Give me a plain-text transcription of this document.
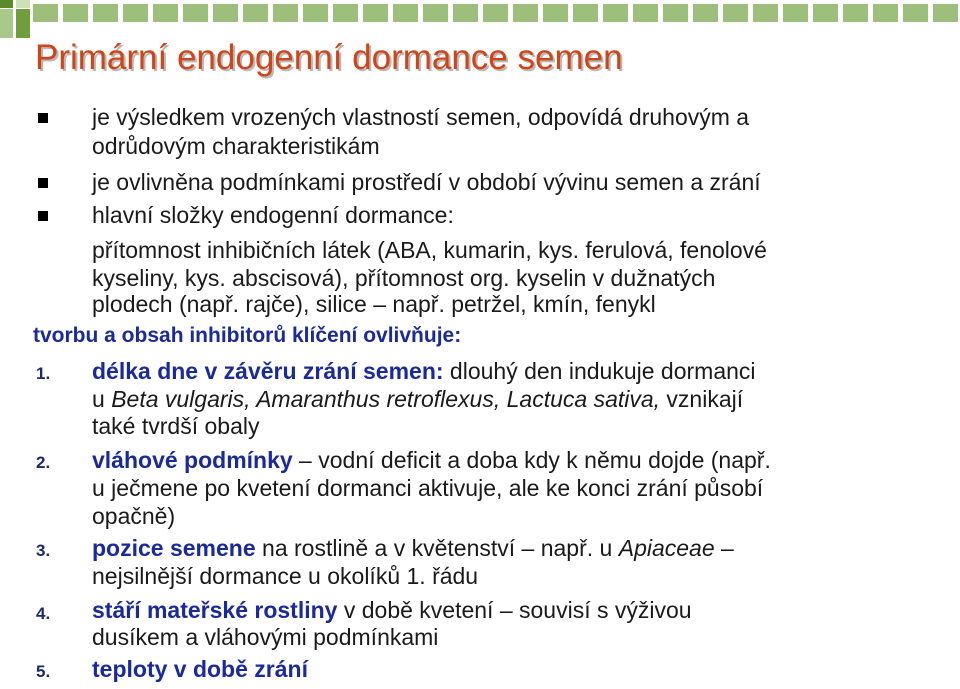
Primární endogenní dormance semen
je výsledkem vrozených vlastností semen, odpovídá druhovým a
odrůdovým charakteristikám
je ovlivněna podmínkami prostředí v období vývinu semen a zrání
hlavní složky endogenní dormance:
přítomnost inhibičních látek (ABA, kumarin, kys. ferulová, fenolové
kyseliny, kys. abscisová), přítomnost org. kyselin v dužnatých
plodech (např. rajče), silice – např. petržel, kmín, fenykl
tvorbu a obsah inhibitorů klíčení ovlivňuje:
1. délka dne v závěru zrání semen: dlouhý den indukuje dormanci
u Beta vulgaris, Amaranthus retroflexus, Lactuca sativa, vznikají
také tvrdší obaly
2. vláhové podmínky – vodní deficit a doba kdy k němu dojde (např.
u ječmene po kvetení dormanci aktivuje, ale ke konci zrání působí
opačně)
3. pozice semene na rostlině a v květenství – např. u Apiaceae –
nejsilnější dormance u okolíků 1. řádu
4. stáří mateřské rostliny v době kvetení – souvisí s výživou
dusíkem a vláhovými podmínkami
5. teploty v době zrání
